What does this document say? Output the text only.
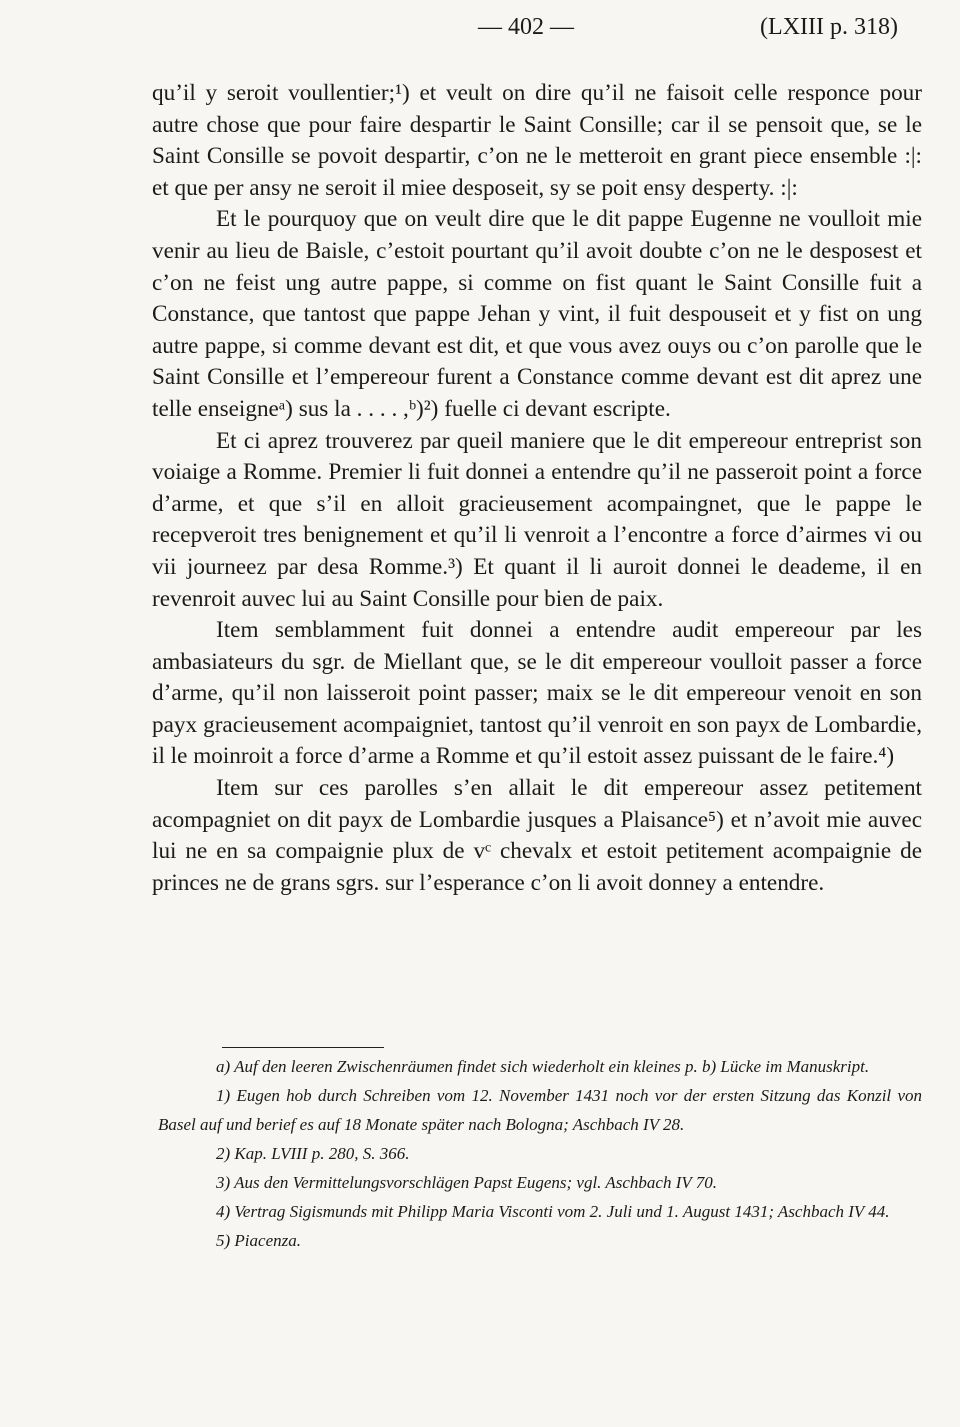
— 402 —	(LXIII p. 318)

qu’il y seroit voullentier;¹) et veult on dire qu’il ne faisoit celle responce pour autre chose que pour faire despartir le Saint Consille; car il se pensoit que, se le Saint Consille se povoit despartir, c’on ne le metteroit en grant piece ensemble :|: et que per ansy ne seroit il miee desposeit, sy se poit ensy desperty. :|:

Et le pourquoy que on veult dire que le dit pappe Eugenne ne voulloit mie venir au lieu de Baisle, c’estoit pourtant qu’il avoit doubte c’on ne le desposest et c’on ne feist ung autre pappe, si comme on fist quant le Saint Consille fuit a Constance, que tantost que pappe Jehan y vint, il fuit despouseit et y fist on ung autre pappe, si comme devant est dit, et que vous avez ouys ou c’on parolle que le Saint Consille et l’empereour furent a Constance comme devant est dit aprez une telle enseigneᵃ) sus la . . . . ,ᵇ)²) fuelle ci devant escripte.

Et ci aprez trouverez par queil maniere que le dit empereour entreprist son voiaige a Romme. Premier li fuit donnei a entendre qu’il ne passeroit point a force d’arme, et que s’il en alloit gracieusement acompaingnet, que le pappe le recepveroit tres benignement et qu’il li venroit a l’encontre a force d’airmes vi ou vii journeez par desa Romme.³) Et quant il li auroit donnei le deademe, il en revenroit auvec lui au Saint Consille pour bien de paix.

Item semblamment fuit donnei a entendre audit empereour par les ambasiateurs du sgr. de Miellant que, se le dit empereour voulloit passer a force d’arme, qu’il non laisseroit point passer; maix se le dit empereour venoit en son payx gracieusement acompaigniet, tantost qu’il venroit en son payx de Lombardie, il le moinroit a force d’arme a Romme et qu’il estoit assez puissant de le faire.⁴)

Item sur ces parolles s’en allait le dit empereour assez petitement acompagniet on dit payx de Lombardie jusques a Plaisance⁵) et n’avoit mie auvec lui ne en sa compaignie plux de vᶜ chevalx et estoit petitement acompaignie de princes ne de grans sgrs. sur l’esperance c’on li avoit donney a entendre.

a) Auf den leeren Zwischenräumen findet sich wiederholt ein kleines p. b) Lücke im Manuskript.

1) Eugen hob durch Schreiben vom 12. November 1431 noch vor der ersten Sitzung das Konzil von Basel auf und berief es auf 18 Monate später nach Bologna; Aschbach IV 28.

2) Kap. LVIII p. 280, S. 366.

3) Aus den Vermittelungsvorschlägen Papst Eugens; vgl. Aschbach IV 70.

4) Vertrag Sigismunds mit Philipp Maria Visconti vom 2. Juli und 1. August 1431; Aschbach IV 44.

5) Piacenza.
